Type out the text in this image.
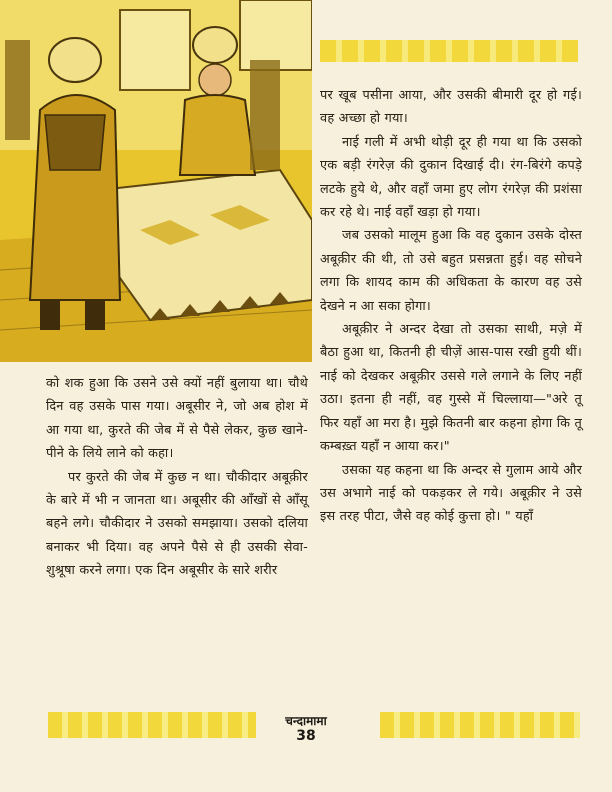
पर खूब पसीना आया, और उसकी बीमारी दूर हो गई। वह अच्छा हो गया।

नाई गली में अभी थोड़ी दूर ही गया था कि उसको एक बड़ी रंगरेज़ की दुकान दिखाई दी। रंग-बिरंगे कपड़े लटके हुये थे, और वहाँ जमा हुए लोग रंगरेज़ की प्रशंसा कर रहे थे। नाई वहाँ खड़ा हो गया।

जब उसको मालूम हुआ कि वह दुकान उसके दोस्त अबूक़ीर की थी, तो उसे बहुत प्रसन्नता हुई। वह सोचने लगा कि शायद काम की अधिकता के कारण वह उसे देखने न आ सका होगा।

अबूक़ीर ने अन्दर देखा तो उसका साथी, मज़े में बैठा हुआ था, कितनी ही चीज़ें आस-पास रखी हुयी थीं। नाई को देखकर अबूक़ीर उससे गले लगाने के लिए नहीं उठा। इतना ही नहीं, वह गुस्से में चिल्लाया—"अरे तू फिर यहाँ आ मरा है। मुझे कितनी बार कहना होगा कि तू कम्बख़्त यहाँ न आया कर।"

उसका यह कहना था कि अन्दर से गुलाम आये और उस अभागे नाई को पकड़कर ले गये। अबूक़ीर ने उसे इस तरह पीटा, जैसे वह कोई कुत्ता हो। " यहाँ

को शक हुआ कि उसने उसे क्यों नहीं बुलाया था। चौथे दिन वह उसके पास गया। अबूसीर ने, जो अब होश में आ गया था, कुरते की जेब में से पैसे लेकर, कुछ खाने-पीने के लिये लाने को कहा।

पर कुरते की जेब में कुछ न था। चौकीदार अबूक़ीर के बारे में भी न जानता था। अबूसीर की आँखों से आँसू बहने लगे। चौकीदार ने उसको समझाया। उसको दलिया बनाकर भी दिया। वह अपने पैसे से ही उसकी सेवा-शुश्रूषा करने लगा। एक दिन अबूसीर के सारे शरीर

चन्दामामा
38
